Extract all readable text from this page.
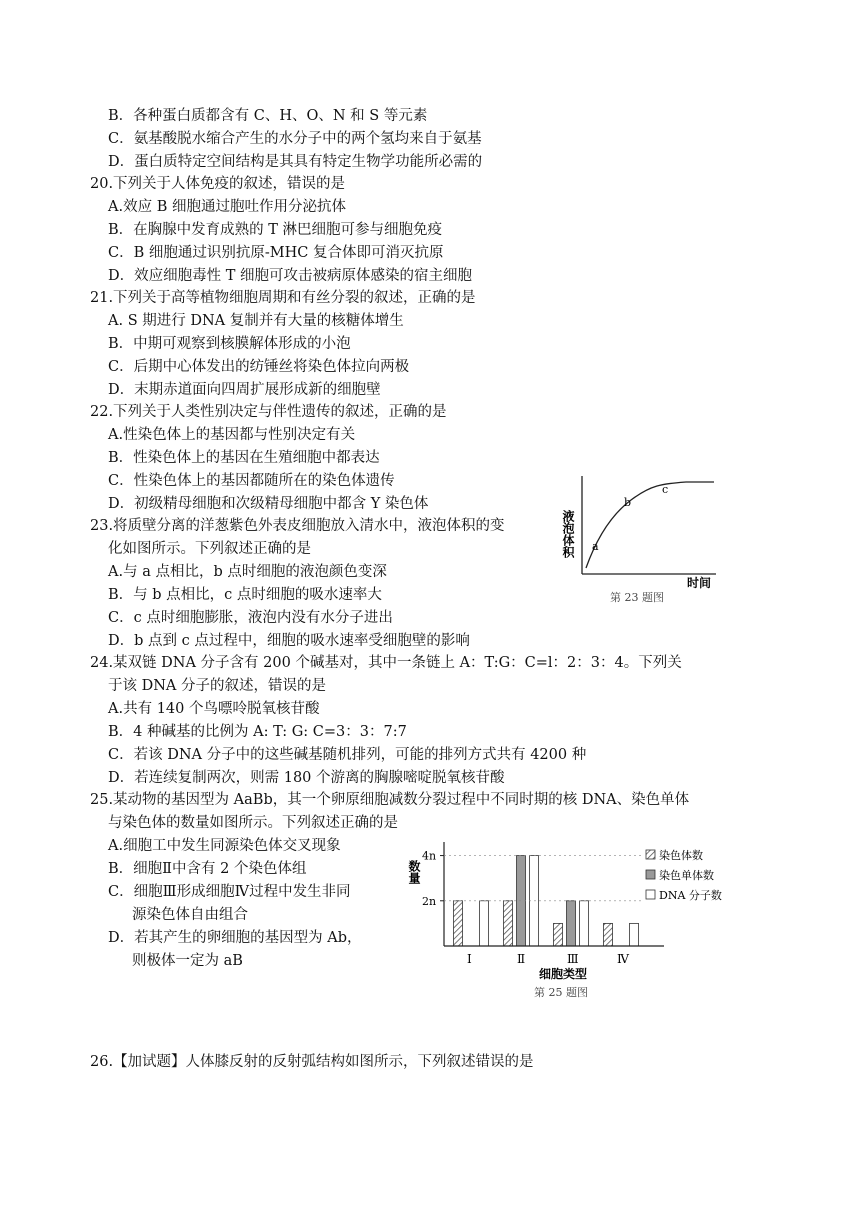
B．各种蛋白质都含有 C、H、O、N 和 S 等元素
C．氨基酸脱水缩合产生的水分子中的两个氢均来自于氨基
D．蛋白质特定空间结构是其具有特定生物学功能所必需的
20.下列关于人体免疫的叙述，错误的是
A.效应 B 细胞通过胞吐作用分泌抗体
B．在胸腺中发育成熟的 T 淋巴细胞可参与细胞免疫
C．B 细胞通过识别抗原-MHC 复合体即可消灭抗原
D．效应细胞毒性 T 细胞可攻击被病原体感染的宿主细胞
21.下列关于高等植物细胞周期和有丝分裂的叙述，正确的是
A. S 期进行 DNA 复制并有大量的核糖体增生
B．中期可观察到核膜解体形成的小泡
C．后期中心体发出的纺锤丝将染色体拉向两极
D．末期赤道面向四周扩展形成新的细胞壁
22.下列关于人类性别决定与伴性遗传的叙述，正确的是
A.性染色体上的基因都与性别决定有关
B．性染色体上的基因在生殖细胞中都表达
C．性染色体上的基因都随所在的染色体遗传
D．初级精母细胞和次级精母细胞中都含 Y 染色体
23.将质壁分离的洋葱紫色外表皮细胞放入清水中，液泡体积的变
化如图所示。下列叙述正确的是
A.与 a 点相比，b 点时细胞的液泡颜色变深
B．与 b 点相比，c 点时细胞的吸水速率大
C．c 点时细胞膨胀，液泡内没有水分子进出
D．b 点到 c 点过程中，细胞的吸水速率受细胞壁的影响
液泡体积
时间
a
b
c
第 23 题图
24.某双链 DNA 分子含有 200 个碱基对，其中一条链上 A：T:G：C=l：2：3：4。下列关
于该 DNA 分子的叙述，错误的是
A.共有 140 个鸟嘌呤脱氧核苷酸
B．4 种碱基的比例为 A: T: G: C=3：3：7:7
C．若该 DNA 分子中的这些碱基随机排列，可能的排列方式共有 4200 种
D．若连续复制两次，则需 180 个游离的胸腺嘧啶脱氧核苷酸
25.某动物的基因型为 AaBb，其一个卵原细胞减数分裂过程中不同时期的核 DNA、染色单体
与染色体的数量如图所示。下列叙述正确的是
A.细胞工中发生同源染色体交叉现象
B．细胞Ⅱ中含有 2 个染色体组
C．细胞Ⅲ形成细胞Ⅳ过程中发生非同
源染色体自由组合
D．若其产生的卵细胞的基因型为 Ab，
则极体一定为 aB
2n
4n
数量
Ⅰ	Ⅱ	Ⅲ	Ⅳ
细胞类型
第 25 题图
染色体数
染色单体数
DNA 分子数
26.【加试题】人体膝反射的反射弧结构如图所示，下列叙述错误的是
